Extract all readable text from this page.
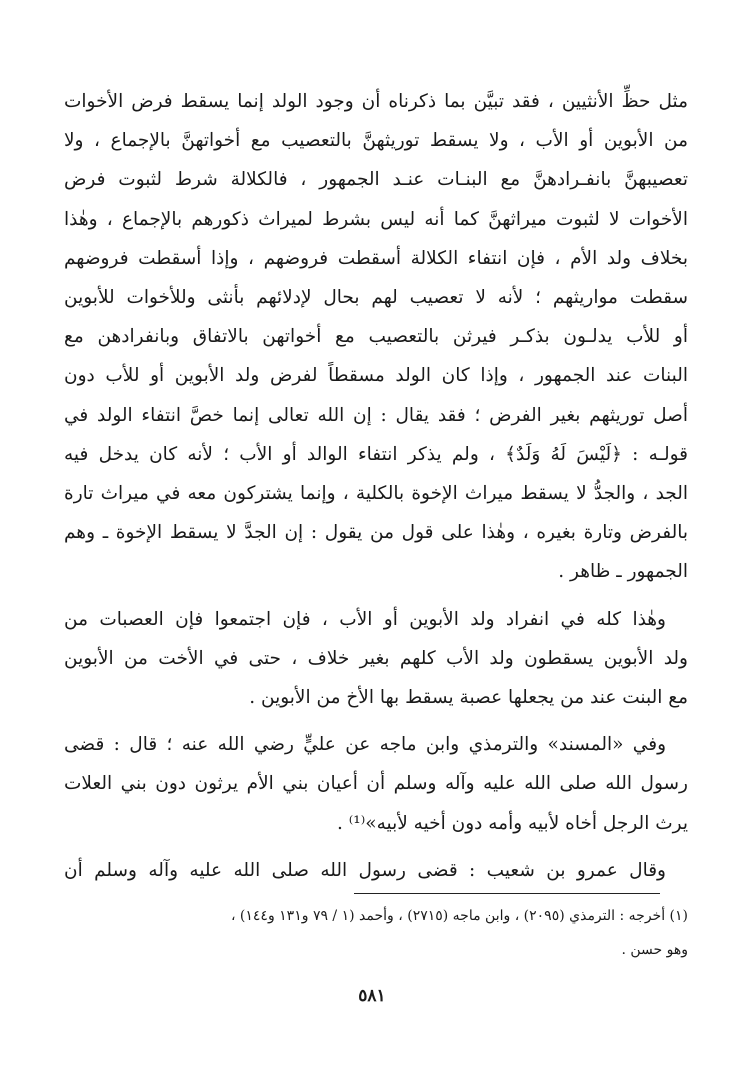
مثل حظِّ الأنثيين ، فقد تبيَّن بما ذكرناه أن وجود الولد إنما يسقط فرض الأخوات
من الأبوين أو الأب ، ولا يسقط توريثهنَّ بالتعصيب مع أخواتهنَّ بالإجماع ، ولا
تعصيبهنَّ بانفـرادهنَّ مع البنـات عنـد الجمهور ، فالكلالة شرط لثبوت فرض
الأخوات لا لثبوت ميراثهنَّ كما أنه ليس بشرط لميراث ذكورهم بالإجماع ، وهٰذا
بخلاف ولد الأم ، فإن انتفاء الكلالة أسقطت فروضهم ، وإذا أسقطت فروضهم
سقطت مواريثهم ؛ لأنه لا تعصيب لهم بحال لإدلائهم بأنثى وللأخوات للأبوين
أو للأب يدلـون بذكـر فيرثن بالتعصيب مع أخواتهن بالاتفاق وبانفرادهن مع
البنات عند الجمهور ، وإذا كان الولد مسقطاً لفرض ولد الأبوين أو للأب دون
أصل توريثهم بغير الفرض ؛ فقد يقال : إن الله تعالى إنما خصَّ انتفاء الولد في
قولـه : ﴿لَيْسَ لَهُ وَلَدٌ﴾ ، ولم يذكر انتفاء الوالد أو الأب ؛ لأنه كان يدخل فيه
الجد ، والجدُّ لا يسقط ميراث الإخوة بالكلية ، وإنما يشتركون معه في ميراث تارة
بالفرض وتارة بغيره ، وهٰذا على قول من يقول : إن الجدَّ لا يسقط الإخوة ـ وهم
الجمهور ـ ظاهر .
وهٰذا كله في انفراد ولد الأبوين أو الأب ، فإن اجتمعوا فإن العصبات من
ولد الأبوين يسقطون ولد الأب كلهم بغير خلاف ، حتى في الأخت من الأبوين
مع البنت عند من يجعلها عصبة يسقط بها الأخ من الأبوين .
وفي «المسند» والترمذي وابن ماجه عن عليٍّ رضي الله عنه ؛ قال : قضى
رسول الله صلى الله عليه وآله وسلم أن أعيان بني الأم يرثون دون بني العلات
يرث الرجل أخاه لأبيه وأمه دون أخيه لأبيه»⁽¹⁾ .
وقال عمرو بن شعيب : قضى رسول الله صلى الله عليه وآله وسلم أن
(١) أخرجه : الترمذي (٢٠٩٥) ، وابن ماجه (٢٧١٥) ، وأحمد (١ / ٧٩ و١٣١ و١٤٤) ،
وهو حسن .
٥٨١
